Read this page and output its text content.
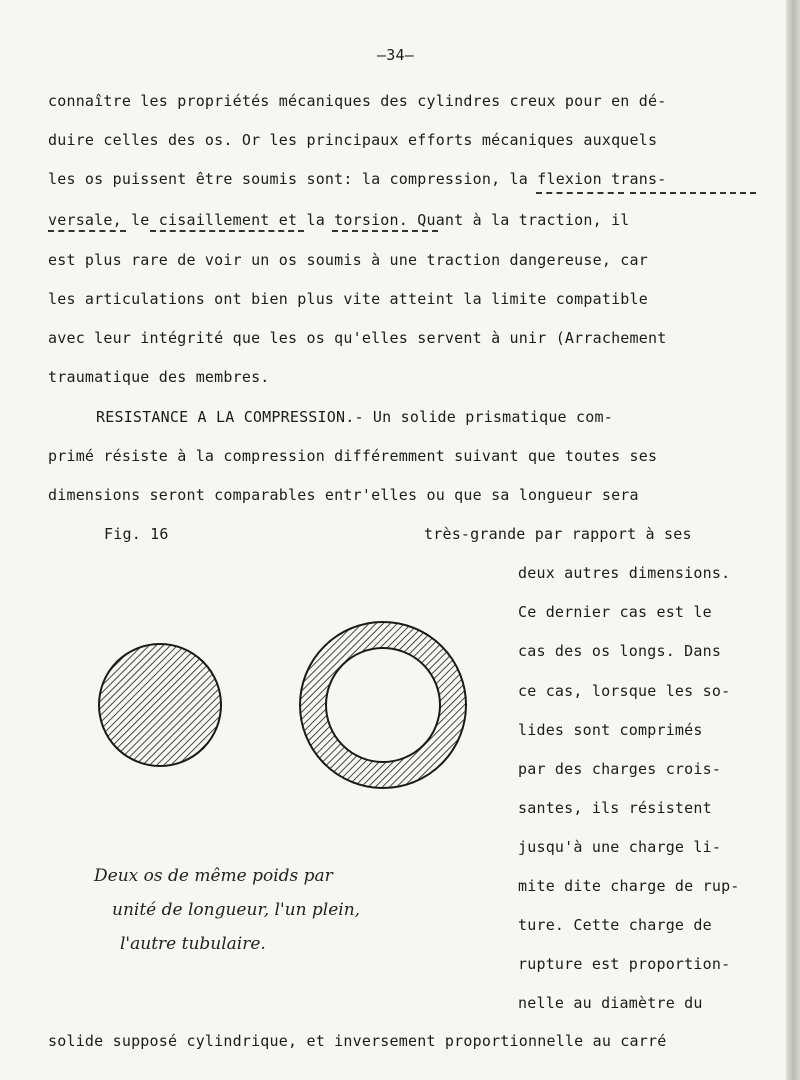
—34—
connaître les propriétés mécaniques des cylindres creux pour en dé-
duire celles des os. Or les principaux efforts mécaniques auxquels
les os puissent être soumis sont: la compression, la flexion trans-
versale, le cisaillement et la torsion. Quant à la traction, il
est plus rare de voir un os soumis à une traction dangereuse, car
les articulations ont bien plus vite atteint la limite compatible
avec leur intégrité que les os qu'elles servent à unir (Arrachement
traumatique des membres.
RESISTANCE A LA COMPRESSION.- Un solide prismatique com-
primé résiste à la compression différemment suivant que toutes ses
dimensions seront comparables entr'elles ou que sa longueur sera
Fig. 16	très-grande par rapport à ses
deux autres dimensions.
Ce dernier cas est le
cas des os longs. Dans
ce cas, lorsque les so-
lides sont comprimés
par des charges crois-
santes, ils résistent
jusqu'à une charge li-
mite dite charge de rup-
ture. Cette charge de
rupture est proportion-
nelle au diamètre du
Deux os de même poids par
unité de longueur, l'un plein,
l'autre tubulaire.
solide supposé cylindrique, et inversement proportionnelle au carré
